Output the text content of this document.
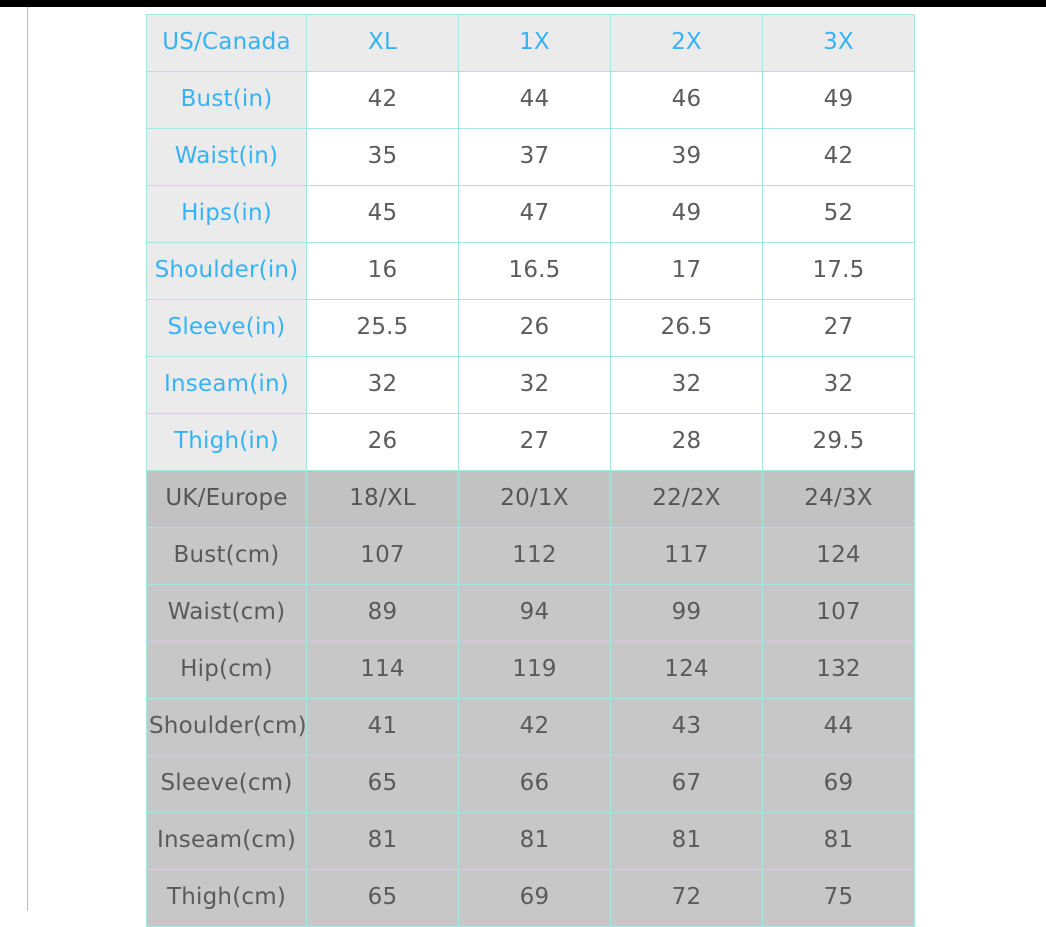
US/Canada	XL	1X	2X	3X
Bust(in)	42	44	46	49
Waist(in)	35	37	39	42
Hips(in)	45	47	49	52
Shoulder(in)	16	16.5	17	17.5
Sleeve(in)	25.5	26	26.5	27
Inseam(in)	32	32	32	32
Thigh(in)	26	27	28	29.5
UK/Europe	18/XL	20/1X	22/2X	24/3X
Bust(cm)	107	112	117	124
Waist(cm)	89	94	99	107
Hip(cm)	114	119	124	132
Shoulder(cm)	41	42	43	44
Sleeve(cm)	65	66	67	69
Inseam(cm)	81	81	81	81
Thigh(cm)	65	69	72	75
